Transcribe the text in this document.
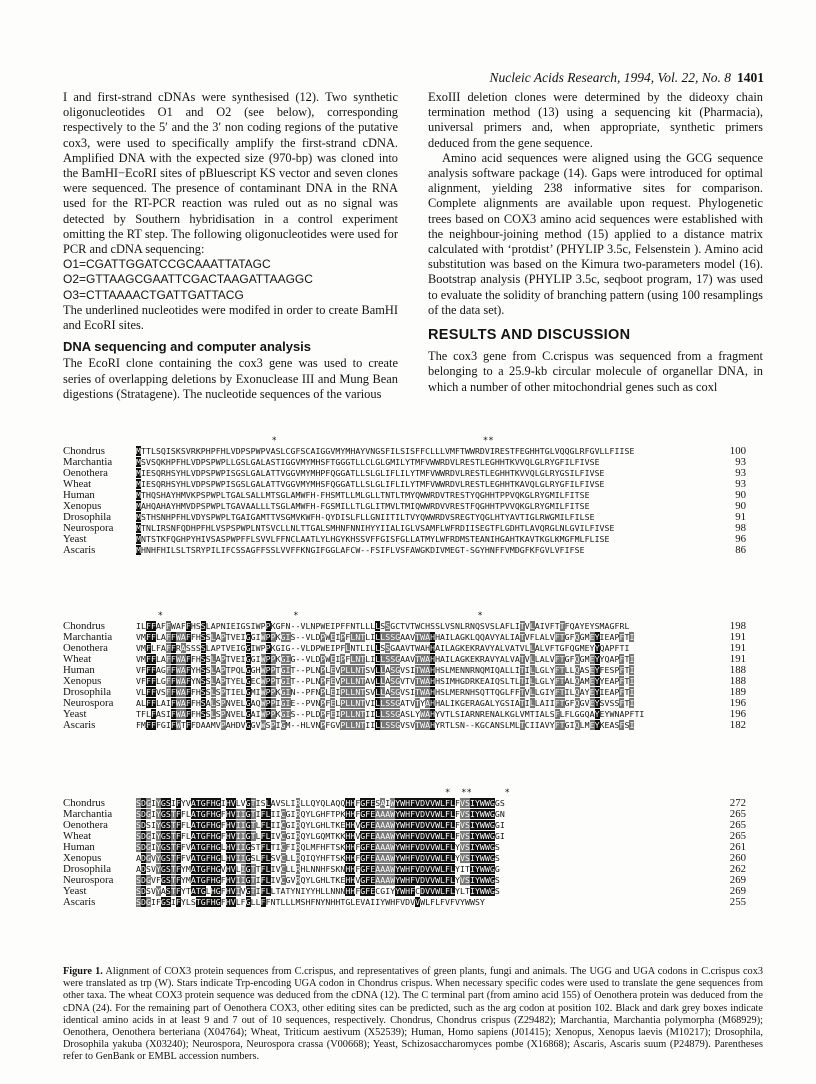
Nucleic Acids Research, 1994, Vol. 22, No. 8 1401

I and first-strand cDNAs were synthesised (12). Two synthetic oligonucleotides O1 and O2 (see below), corresponding respectively to the 5′ and the 3′ non coding regions of the putative cox3, were used to specifically amplify the first-strand cDNA. Amplified DNA with the expected size (970-bp) was cloned into the BamHI−EcoRI sites of pBluescript KS vector and seven clones were sequenced. The presence of contaminant DNA in the RNA used for the RT-PCR reaction was ruled out as no signal was detected by Southern hybridisation in a control experiment omitting the RT step. The following oligonucleotides were used for PCR and cDNA sequencing:

O1=CGATTGGATCCGCAAATTATAGC
O2=GTTAAGCGAATTCGACTAAGATTAAGGC
O3=CTTAAAACTGATTGATTACG

The underlined nucleotides were modifed in order to create BamHI and EcoRI sites.

DNA sequencing and computer analysis

The EcoRI clone containing the cox3 gene was used to create series of overlapping deletions by Exonuclease III and Mung Bean digestions (Stratagene). The nucleotide sequences of the various

ExoIII deletion clones were determined by the dideoxy chain termination method (13) using a sequencing kit (Pharmacia), universal primers and, when appropriate, synthetic primers deduced from the gene sequence.

Amino acid sequences were aligned using the GCG sequence analysis software package (14). Gaps were introduced for optimal alignment, yielding 238 informative sites for comparison. Complete alignments are available upon request. Phylogenetic trees based on COX3 amino acid sequences were established with the neighbour-joining method (15) applied to a distance matrix calculated with ‘protdist’ (PHYLIP 3.5c, Felsenstein ). Amino acid substitution was based on the Kimura two-parameters model (16). Bootstrap analysis (PHYLIP 3.5c, seqboot program, 17) was used to evaluate the solidity of branching pattern (using 100 resamplings of the data set).

RESULTS AND DISCUSSION

The cox3 gene from C.crispus was sequenced from a fragment belonging to a 25.9-kb circular molecule of organellar DNA, in which a number of other mitochondrial genes such as coxl

*                                      **
Chondrus	MTTLSQISKSVRKPHPFHLVDPSPWPVASLCGFSCAIGGVMYMHAYVNGSFILSISFFCLLLVMFTWWRDVIRESTFEGHHTGLVQQGLRFGVLLFIISE	100
Marchantia	MSVSQKHPFHLVDPSPWPLLGSLGALASTIGGVMYMHSFTGGGTLLCLGLGMILYTMFVWWRDVLRESTLEGHHTKVVQLGLRYGFILFIVSE	93
Oenothera	MIESQRHSYHLVDPSPWPISGSLGALATTVGGVMYMHPFQGGATLLSLGLIFLILYTMFVWWRDVLRESTLEGHHTKVVQLGLRYGSILFIVSE	93
Wheat	MIESQRHSYHLVDPSPWPISGSLGALATTVGGVMYMHSFQGGATLLSLGLIFLILYTMFVWWRDVLRESTLEGHHTKAVQLGLRYGFILFIVSE	93
Human	MTHQSHAYHMVKPSPWPLTGALSALLMTSGLAMWFH-FHSMTLLMLGLLTNTLTMYQWWRDVTRESTYQGHHTPPVQKGLRYGMILFITSE	90
Xenopus	MAHQAHAYHMVDPSPWPLTGAVAALLLTSGLAMWFH-FGSMILLTLGLITMVLTMIQWWRDVVRESTFQGHHTPVVQKGLRYGMILFITSE	90
Drosophila	MSTHSNHPFHLVDYSPWPLTGAIGAMTTVSGMVKWFH-QYDISLFLLGNIITILTVYQWWRDVSREGTYQGLHTYAVTIGLRWGMILFILSE	91
Neurospora	MTNLIRSNFQDHPFHLVSPSPWPLNTSVCLLNLTTGALSMHNFNNIHYYIIALIGLVSAMFLWFRDIISEGTFLGDHTLAVQRGLNLGVILFIVSE	98
Yeast	MNTSTKFQGHPYHIVSASPWPFFLSVVLFFNCLAATLYLHGYKHSSVFFGISFGLLATMYLWFRDMSTEANIHGAHTKAVTKGLKMGFMLFLISE	96
Ascaris	MHNHFHILSLTSRYPILIFCSSAGFFSSLVVFFKNGIFGGLAFCW--FSIFLVSFAWGKDIVMEGT-SGYHNFFVMDGFKFGVLVFIFSE	86
*                        *                                 *
Chondrus	ILFFAFFWAFFHSSLAPNIEIGSIWPPKGFN--VLNPWEIPFFNTLLLLSSGCTVTWCHSSLVSNLRNQSVSLAFLITVLAIVFTTFQAYEYSMAGFRL	198
Marchantia	VMFFLAFFWAFFHSSLAPTVEIGGIWPPKGIS--VLDPWEIPFLNTLILLSSGAAVTWAHHAILAGKLQQAVYALIATVFLALVFTGFQGMEYIEAPFTI	191
Oenothera	VMFLFAFFRASSSSLAPTVEIGGIWPPKGIG--VLDPWEIPFLNTLILLSSGAAVTWAHHAILAGKEKRAVYALVATVLLALVFTGFQGMEYYQAPFTI	191
Wheat	VMFFLAFFWAFFHSSLAPTVEIGGIWPPKGIG--VLDPWEIPFLNTLILLSSGAAVTWAHHAILAGKEKRAVYALVATVLLALVFTGFQGMEYYQAPFTI	191
Human	VFFFAGFFWAFYHSSLAPTPQLGGHWPPTGIT--PLNPLEVPLLNTSVLLASGVSITWAHHSLMENNRNQMIQALLITILLGLYFTLLQASEYFESPFTI	188
Xenopus	VFFFLGFFWAFYNSSLAPTYELGECWPPTGIT--PLNPFEVPLLNTAVLLASGVTVTWAHHSIMHGDRKEAIQSLTLTILLGLYFTALQAMEYYEAPFTI	188
Drosophila	VLFFVSFFWAFFHSSLSPTIELGMIWPPKGIN--PFNPLEIPLLNTSVLLASGVSITWAHHSLMERNHSQTTQGLFFTVLLGIYFTILQAYEYIEAPFTI	189
Neurospora	ALFFLAIFWAFFHSALSPNVELGAQWPPIGIE--PVNPFELPLLNTVILLSSGATVTYAHHALIKGERAGALYGSIATILLAIIFTGFQGVEYSVSSFTI	196
Yeast	TFLFASIFWAFFHSSLSPNVELGAIWPPKGIS--PLDPFEIPLLNTIILLSSGASLYWAHYVTLSIARNRENALKGLVMTIALSFLFLGGQAYEYWNAPFTI	196
Ascaris	FMFFFGIFWTFFDAAMVPAHDVGGVWSPIGM--HLVNPFGVPLLNTIILLSSGVSVTWAHYRTLSN--KGCANSLMLTCIIAVYFTGIQLMEYKEASFSI	182
*  **      *
Chondrus	SDGIYGSIFYVATGFHGIHVLVGTISLAVSLIRLLQYQLAQQHHFGFESAIWYWHFVDVVWLFLFVSIYWWGGS	272
Marchantia	SDGIYGSTFFLATGFHGFHVIIGTIFLIICGIRQYLGHFTPKHHFGFEAAAWYWHFVDVVWLFLFVSIYWWGGN	265
Oenothera	SDSIYGSTFFLATGFHGFHVIIGTLFLIICGIRQYLGHLTKEHHVGFEAAAWYWHFVDVVWLFLFVSIYWWGGI	265
Wheat	SDGIYGSTFFLATGFHGFHVIIGTLFLIVCGIRQYLGQMTKKHHVGFEAAAWYWHFVDVVWLFLFVSIYWWGGI	265
Human	SDGIYGSTFFVATGFHGLHVIIGSTFLTICFIRQLMFHFTSKHHFGFEAAAWYWHFVDVVWLFLYVSIYWWGS	261
Xenopus	ADGVYGSTFFVATGFHGLHVIIGSLFLSVCLLRQIQYHFTSKHHFGFEAAAWYWHFVDVVWLFLYVSIYWWGS	260
Drosophila	ADSVYGSTFYMATGFHGVHVLIGTTFLIVCLLRHLNNHFSKNHHFGFEAAAWYWHFVDVVWLFLYITIYWWGG	262
Neurospora	SDGVFGSTFYMATGFHGFHVIIGTIFLIVCGVRQYLGHLTKEHHVGFEAAAWYWHFVDVVWLFLYVSIYWWGS	269
Yeast	SDSVYASTFYTATGLHGFHVIVGTIFLLTATYNIYYHLLNNNHHFGFECGIYYWHFCDVVWLFLYLTIYWWGS	269
Ascaris	SDGIFGSIFYLSTGFHGFHVLFGLLFFNTLLLMSHFNYNHHTGLEVAIIYWHFVDVVWLFLFVFVYWWSY	255
Figure 1. Alignment of COX3 protein sequences from C.crispus, and representatives of green plants, fungi and animals. The UGG and UGA codons in C.crispus cox3 were translated as trp (W). Stars indicate Trp-encoding UGA codon in Chondrus crispus. When necessary specific codes were used to translate the gene sequences from other taxa. The wheat COX3 protein sequence was deduced from the cDNA (12). The C terminal part (from amino acid 155) of Oenothera protein was deduced from the cDNA (24). For the remaining part of Oenothera COX3, other editing sites can be predicted, such as the arg codon at position 102. Black and dark grey boxes indicate identical amino acids in at least 9 and 7 out of 10 sequences, respectively. Chondrus, Chondrus crispus (Z29482); Marchantia, Marchantia polymorpha (M68929); Oenothera, Oenothera berteriana (X04764); Wheat, Triticum aestivum (X52539); Human, Homo sapiens (J01415); Xenopus, Xenopus laevis (M10217); Drosophila, Drosophila yakuba (X03240); Neurospora, Neurospora crassa (V00668); Yeast, Schizosaccharomyces pombe (X16868); Ascaris, Ascaris suum (P24879). Parentheses refer to GenBank or EMBL accession numbers.
